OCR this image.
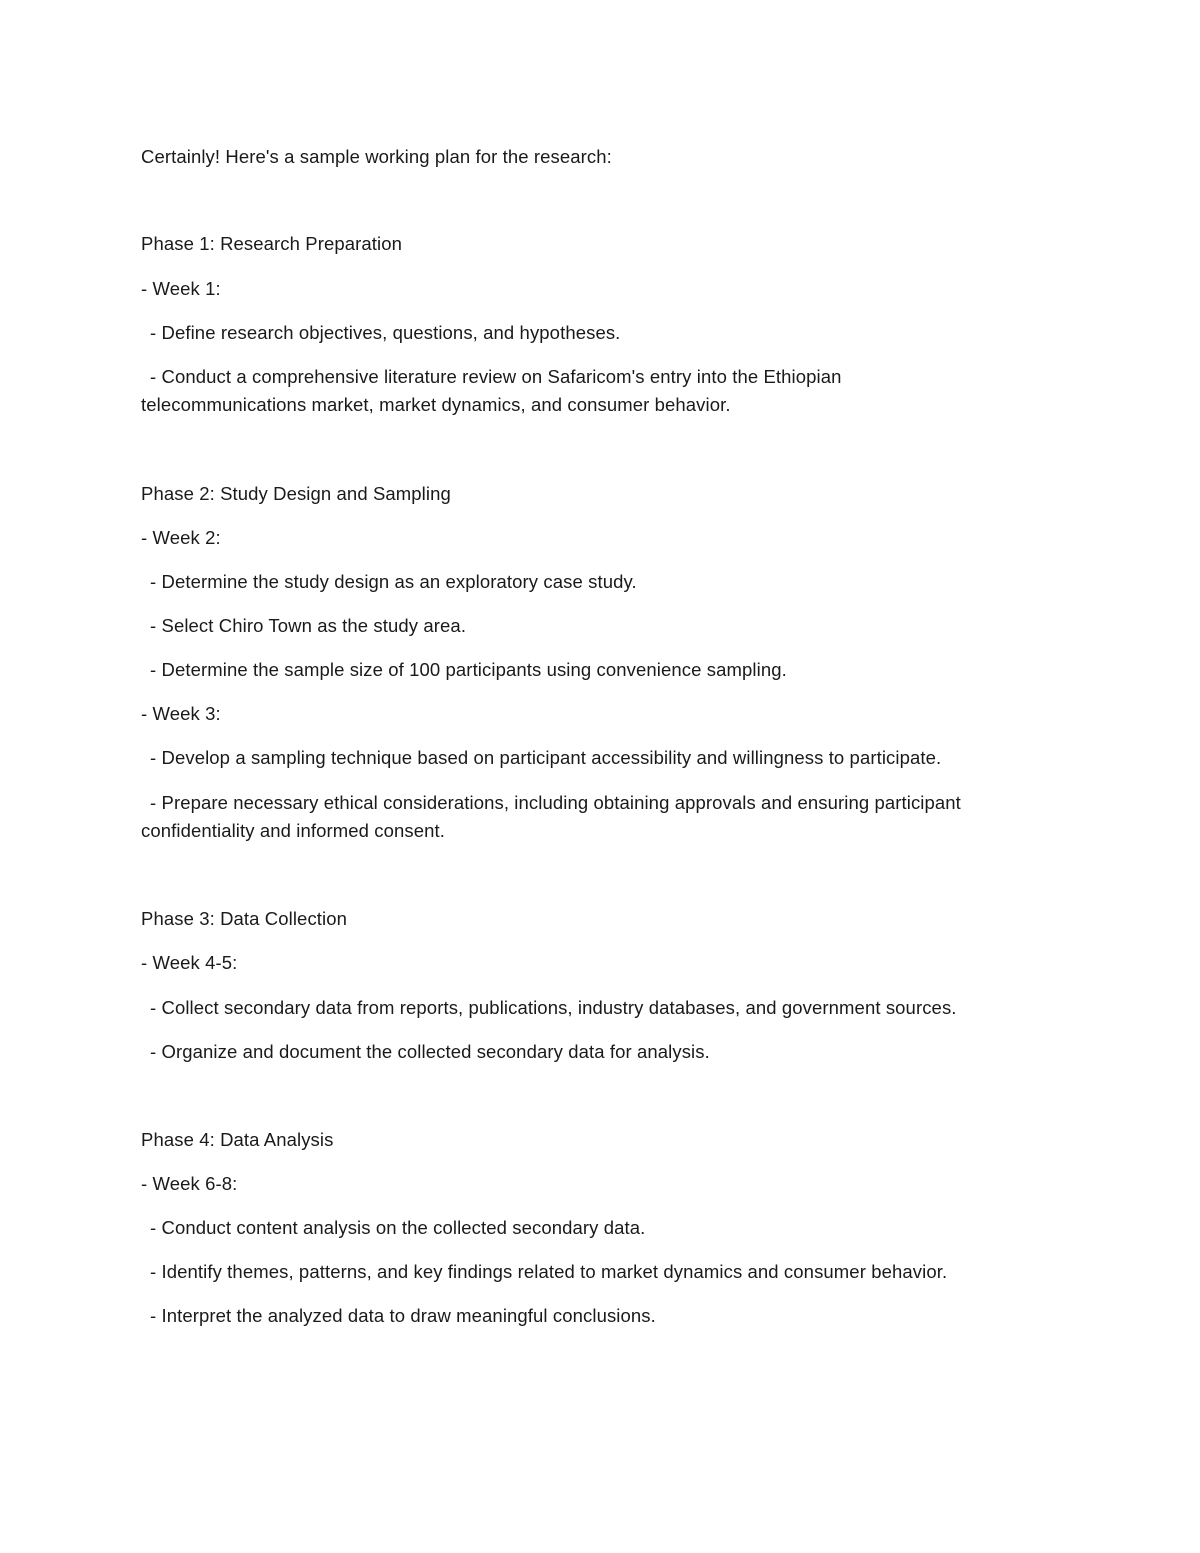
Certainly! Here's a sample working plan for the research:
Phase 1: Research Preparation
- Week 1:
- Define research objectives, questions, and hypotheses.
- Conduct a comprehensive literature review on Safaricom's entry into the Ethiopian
telecommunications market, market dynamics, and consumer behavior.
Phase 2: Study Design and Sampling
- Week 2:
- Determine the study design as an exploratory case study.
- Select Chiro Town as the study area.
- Determine the sample size of 100 participants using convenience sampling.
- Week 3:
- Develop a sampling technique based on participant accessibility and willingness to participate.
- Prepare necessary ethical considerations, including obtaining approvals and ensuring participant
confidentiality and informed consent.
Phase 3: Data Collection
- Week 4-5:
- Collect secondary data from reports, publications, industry databases, and government sources.
- Organize and document the collected secondary data for analysis.
Phase 4: Data Analysis
- Week 6-8:
- Conduct content analysis on the collected secondary data.
- Identify themes, patterns, and key findings related to market dynamics and consumer behavior.
- Interpret the analyzed data to draw meaningful conclusions.
